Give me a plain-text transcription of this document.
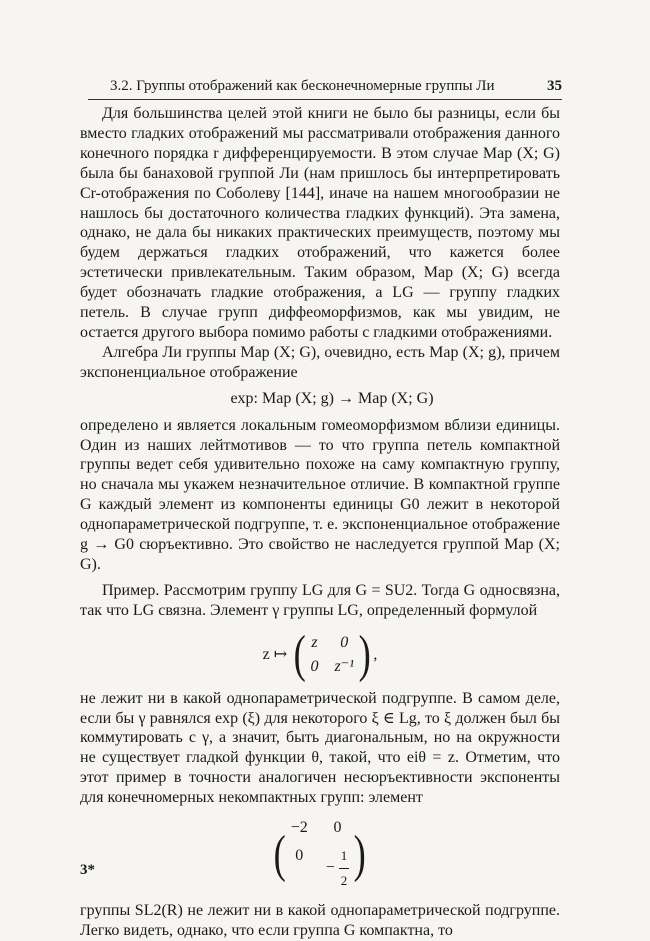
3.2. Группы отображений как бесконечномерные группы Ли	35

Для большинства целей этой книги не было бы разницы, если бы вместо гладких отображений мы рассматривали отображения данного конечного порядка r дифференцируемости. В этом случае Map (X; G) была бы банаховой группой Ли (нам пришлось бы интерпретировать Cr-отображения по Соболеву [144], иначе на нашем многообразии не нашлось бы достаточного количества гладких функций). Эта замена, однако, не дала бы никаких практических преимуществ, поэтому мы будем держаться гладких отображений, что кажется более эстетически привлекательным. Таким образом, Map (X; G) всегда будет обозначать гладкие отображения, а LG — группу гладких петель. В случае групп диффеоморфизмов, как мы увидим, не остается другого выбора помимо работы с гладкими отображениями.

Алгебра Ли группы Map (X; G), очевидно, есть Map (X; g), причем экспоненциальное отображение

exp: Map (X; g) → Map (X; G)

определено и является локальным гомеоморфизмом вблизи единицы. Один из наших лейтмотивов — то что группа петель компактной группы ведет себя удивительно похоже на саму компактную группу, но сначала мы укажем незначительное отличие. В компактной группе G каждый элемент из компоненты единицы G0 лежит в некоторой однопараметрической подгруппе, т. е. экспоненциальное отображение g → G0 сюръективно. Это свойство не наследуется группой Map (X; G).

Пример. Рассмотрим группу LG для G = SU2. Тогда G односвязна, так что LG связна. Элемент γ группы LG, определенный формулой

z ↦ ( z	0
0 z⁻¹ ) ,

не лежит ни в какой однопараметрической подгруппе. В самом деле, если бы γ равнялся exp (ξ) для некоторого ξ ∈ Lg, то ξ должен был бы коммутировать с γ, а значит, быть диагональным, но на окружности не существует гладкой функции θ, такой, что eiθ = z. Отметим, что этот пример в точности аналогичен несюръективности экспоненты для конечномерных некомпактных групп: элемент

( −2	0
0
− $\frac{1}{2}$ )

группы SL2(R) не лежит ни в какой однопараметрической подгруппе. Легко видеть, однако, что если группа G компактна, то

3*
